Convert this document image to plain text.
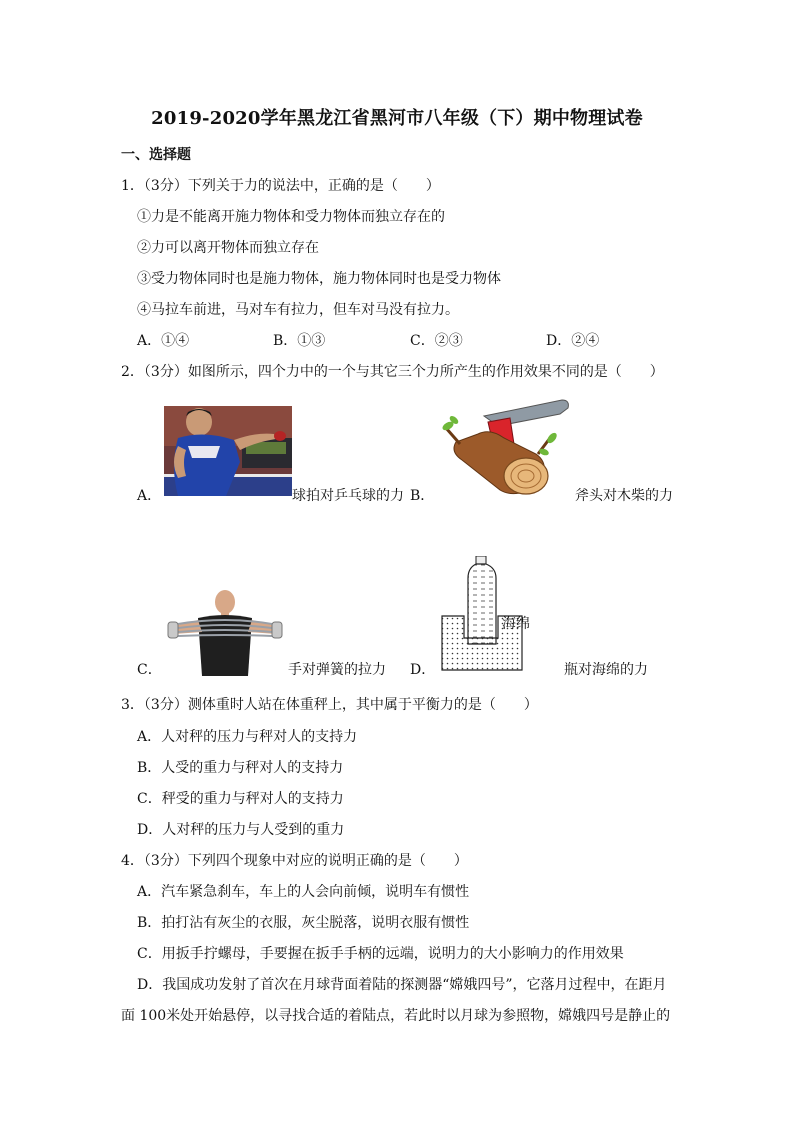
2019-2020学年黑龙江省黑河市八年级（下）期中物理试卷
一、选择题
1．（3分）下列关于力的说法中，正确的是（　　）
①力是不能离开施力物体和受力物体而独立存在的
②力可以离开物体而独立存在
③受力物体同时也是施力物体，施力物体同时也是受力物体
④马拉车前进，马对车有拉力，但车对马没有拉力。
A．①④	B．①③	C．②③	D．②④
2．（3分）如图所示，四个力中的一个与其它三个力所产生的作用效果不同的是（　　）
A．	球拍对乒乓球的力 B．	斧头对木柴的力
C．	手对弹簧的拉力
海绵
D．	瓶对海绵的力
3．（3分）测体重时人站在体重秤上，其中属于平衡力的是（　　）
A．人对秤的压力与秤对人的支持力
B．人受的重力与秤对人的支持力
C．秤受的重力与秤对人的支持力
D．人对秤的压力与人受到的重力
4．（3分）下列四个现象中对应的说明正确的是（　　）
A．汽车紧急刹车，车上的人会向前倾，说明车有惯性
B．拍打沾有灰尘的衣服，灰尘脱落，说明衣服有惯性
C．用扳手拧螺母，手要握在扳手手柄的远端，说明力的大小影响力的作用效果
D．我国成功发射了首次在月球背面着陆的探测器“嫦娥四号”，它落月过程中，在距月
面 100米处开始悬停，以寻找合适的着陆点，若此时以月球为参照物，嫦娥四号是静止的
